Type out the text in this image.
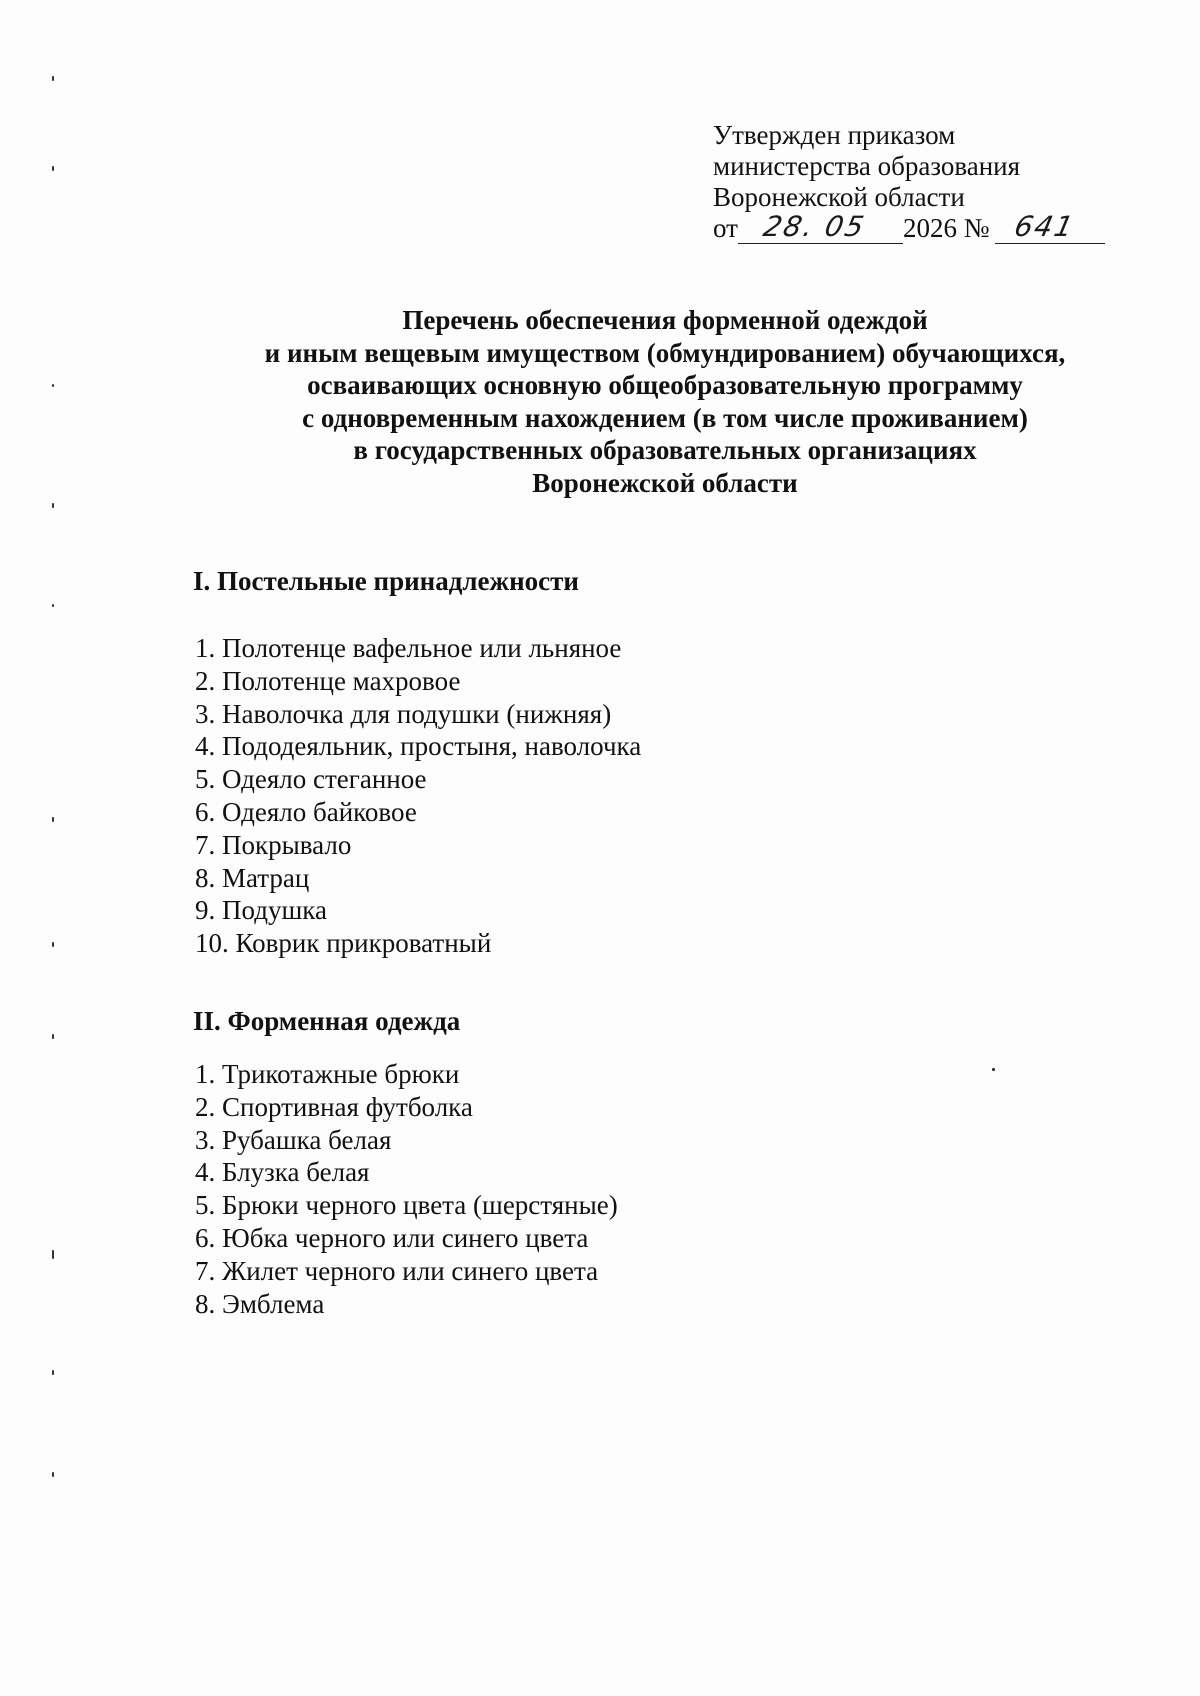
Утвержден приказом
министерства образования
Воронежской области
от 28. 05 2026 № 641
Перечень обеспечения форменной одеждой
и иным вещевым имуществом (обмундированием) обучающихся,
осваивающих основную общеобразовательную программу
с одновременным нахождением (в том числе проживанием)
в государственных образовательных организациях
Воронежской области
I. Постельные принадлежности
1. Полотенце вафельное или льняное
2. Полотенце махровое
3. Наволочка для подушки (нижняя)
4. Пододеяльник, простыня, наволочка
5. Одеяло стеганное
6. Одеяло байковое
7. Покрывало
8. Матрац
9. Подушка
10. Коврик прикроватный
II. Форменная одежда
1. Трикотажные брюки
2. Спортивная футболка
3. Рубашка белая
4. Блузка белая
5. Брюки черного цвета (шерстяные)
6. Юбка черного или синего цвета
7. Жилет черного или синего цвета
8. Эмблема
